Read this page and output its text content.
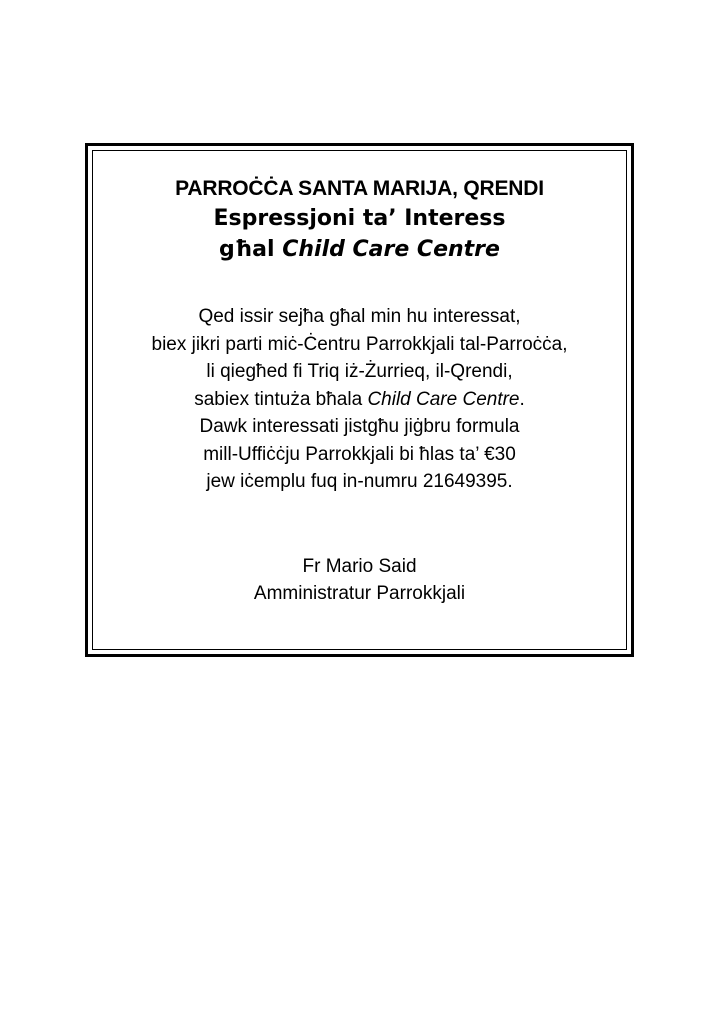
PARROĊĊA SANTA MARIJA, QRENDI
Espressjoni ta’ Interess
għal Child Care Centre
Qed issir sejħa għal min hu interessat,
biex jikri parti miċ-Ċentru Parrokkjali tal-Parroċċa,
li qiegħed fi Triq iż-Żurrieq, il-Qrendi,
sabiex tintuża bħala Child Care Centre.
Dawk interessati jistgħu jiġbru formula
mill-Uffiċċju Parrokkjali bi ħlas ta’ €30
jew iċemplu fuq in-numru 21649395.
Fr Mario Said
Amministratur Parrokkjali
